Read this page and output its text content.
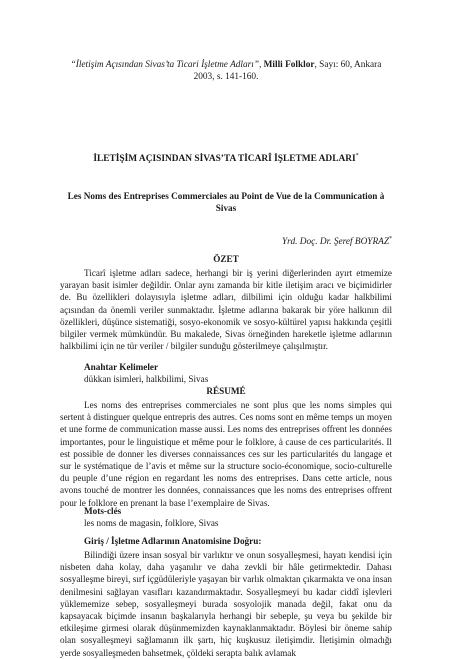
“İletişim Açısından Sivas’ta Ticari İşletme Adları”, Milli Folklor, Sayı: 60, Ankara 2003, s. 141-160.
İLETİŞİM AÇISINDAN SİVAS’TA TİCARÎ İŞLETME ADLARI*
Les Noms des Entreprises Commerciales au Point de Vue de la Communication à Sivas
Yrd. Doç. Dr. Şeref BOYRAZ*
ÖZET
Ticarî işletme adları sadece, herhangi bir iş yerini diğerlerinden ayırt etmemize yarayan basit isimler değildir. Onlar aynı zamanda bir kitle iletişim aracı ve biçimidirler de. Bu özellikleri dolayısıyla işletme adları, dilbilimi için olduğu kadar halkbilimi açısından da önemli veriler sunmaktadır. İşletme adlarına bakarak bir yöre halkının dil özellikleri, düşünce sistematiği, sosyo-ekonomik ve sosyo-kültürel yapısı hakkında çeşitli bilgiler vermek mümkündür. Bu makalede, Sivas örneğinden hareketle işletme adlarının halkbilimi için ne tür veriler / bilgiler sunduğu gösterilmeye çalışılmıştır.
Anahtar Kelimeler
dükkan isimleri, halkbilimi, Sivas
RÉSUMÉ
Les noms des entreprises commerciales ne sont plus que les noms simples qui sertent à distinguer quelque entrepris des autres. Ces noms sont en même temps un moyen et une forme de communication masse aussi. Les noms des entreprises offrent les données importantes, pour le linguistique et même pour le folklore, à cause de ces particularités. Il est possible de donner les diverses connaissances ces sur les particularités du langage et sur le systématique de l’avis et même sur la structure socio-économique, socio-culturelle du peuple d’une région en regardant les noms des entreprises. Dans cette article, nous avons touché de montrer les données, connaissances que les noms des entreprises offrent pour le folklore en prenant la base l’exemplaire de Sivas.
Mots-clés
les noms de magasin, folklore, Sivas
Giriş / İşletme Adlarının Anatomisine Doğru:
Bilindiği üzere insan sosyal bir varlıktır ve onun sosyalleşmesi, hayatı kendisi için nisbeten daha kolay, daha yaşanılır ve daha zevkli bir hâle getirmektedir. Dahası sosyalleşme bireyi, sırf içgüdüleriyle yaşayan bir varlık olmaktan çıkarmakta ve ona insan denilmesini sağlayan vasıfları kazandırmaktadır. Sosyalleşmeyi bu kadar ciddî işlevleri yüklememize sebep, sosyalleşmeyi burada sosyolojik manada değil, fakat onu da kapsayacak biçimde insanın başkalarıyla herhangi bir sebeple, şu veya bu şekilde bir etkileşime girmesi olarak düşünmemizden kaynaklanmaktadır. Böylesi bir öneme sahip olan sosyalleşmeyi sağlamanın ilk şartı, hiç kuşkusuz iletişimdir. İletişimin olmadığı yerde sosyalleşmeden bahsetmek, çöldeki serapta balık avlamak
